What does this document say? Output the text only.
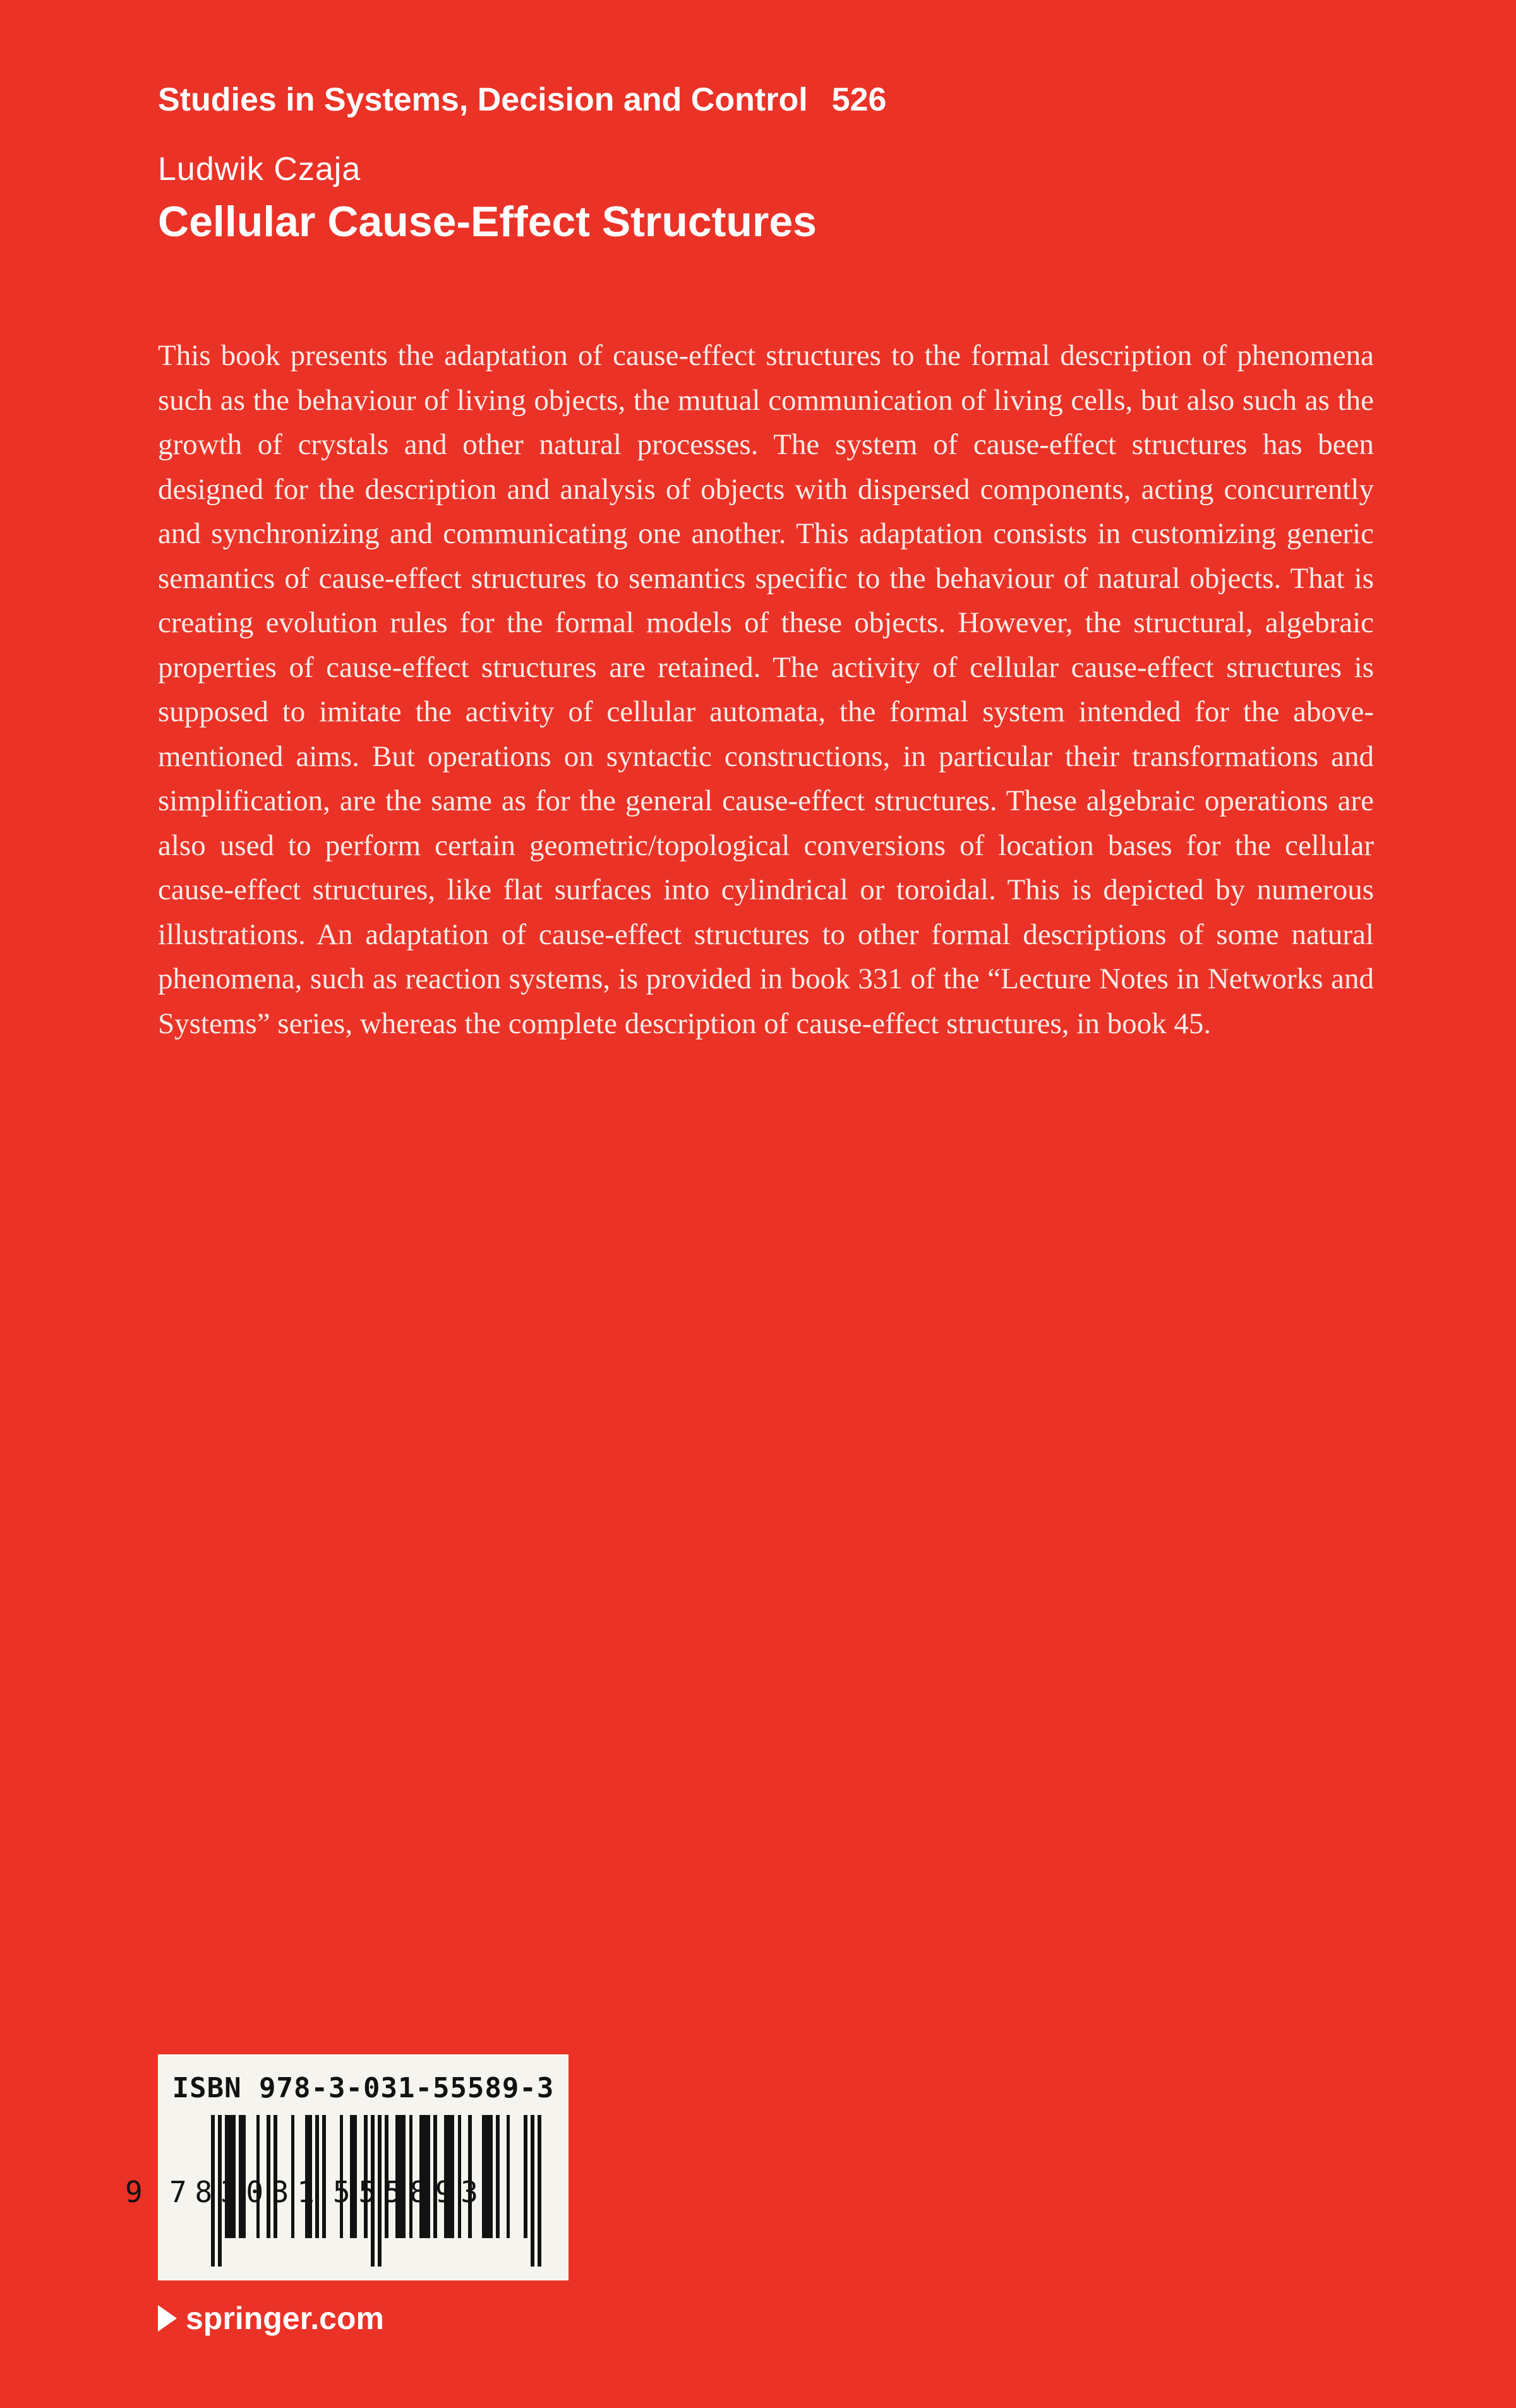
Studies in Systems, Decision and Control 526
Ludwik Czaja
Cellular Cause-Effect Structures

This book presents the adaptation of cause-effect structures to the formal description of phenomena such as the behaviour of living objects, the mutual communication of living cells, but also such as the growth of crystals and other natural processes. The system of cause-effect structures has been designed for the description and analysis of objects with dispersed components, acting concurrently and synchronizing and communicating one another. This adaptation consists in customizing generic semantics of cause-effect structures to semantics specific to the behaviour of natural objects. That is creating evolution rules for the formal models of these objects. However, the structural, algebraic properties of cause-effect structures are retained. The activity of cellular cause-effect structures is supposed to imitate the activity of cellular automata, the formal system intended for the above-mentioned aims. But operations on syntactic constructions, in particular their transformations and simplification, are the same as for the general cause-effect structures. These algebraic operations are also used to perform certain geometric/topological conversions of location bases for the cellular cause-effect structures, like flat surfaces into cylindrical or toroidal. This is depicted by numerous illustrations. An adaptation of cause-effect structures to other formal descriptions of some natural phenomena, such as reaction systems, is provided in book 331 of the “Lecture Notes in Networks and Systems” series, whereas the complete description of cause-effect structures, in book 45.

ISBN 978-3-031-55589-3
9 7 8 3 0 3 1 5 5 5 8 9 3
springer.com
